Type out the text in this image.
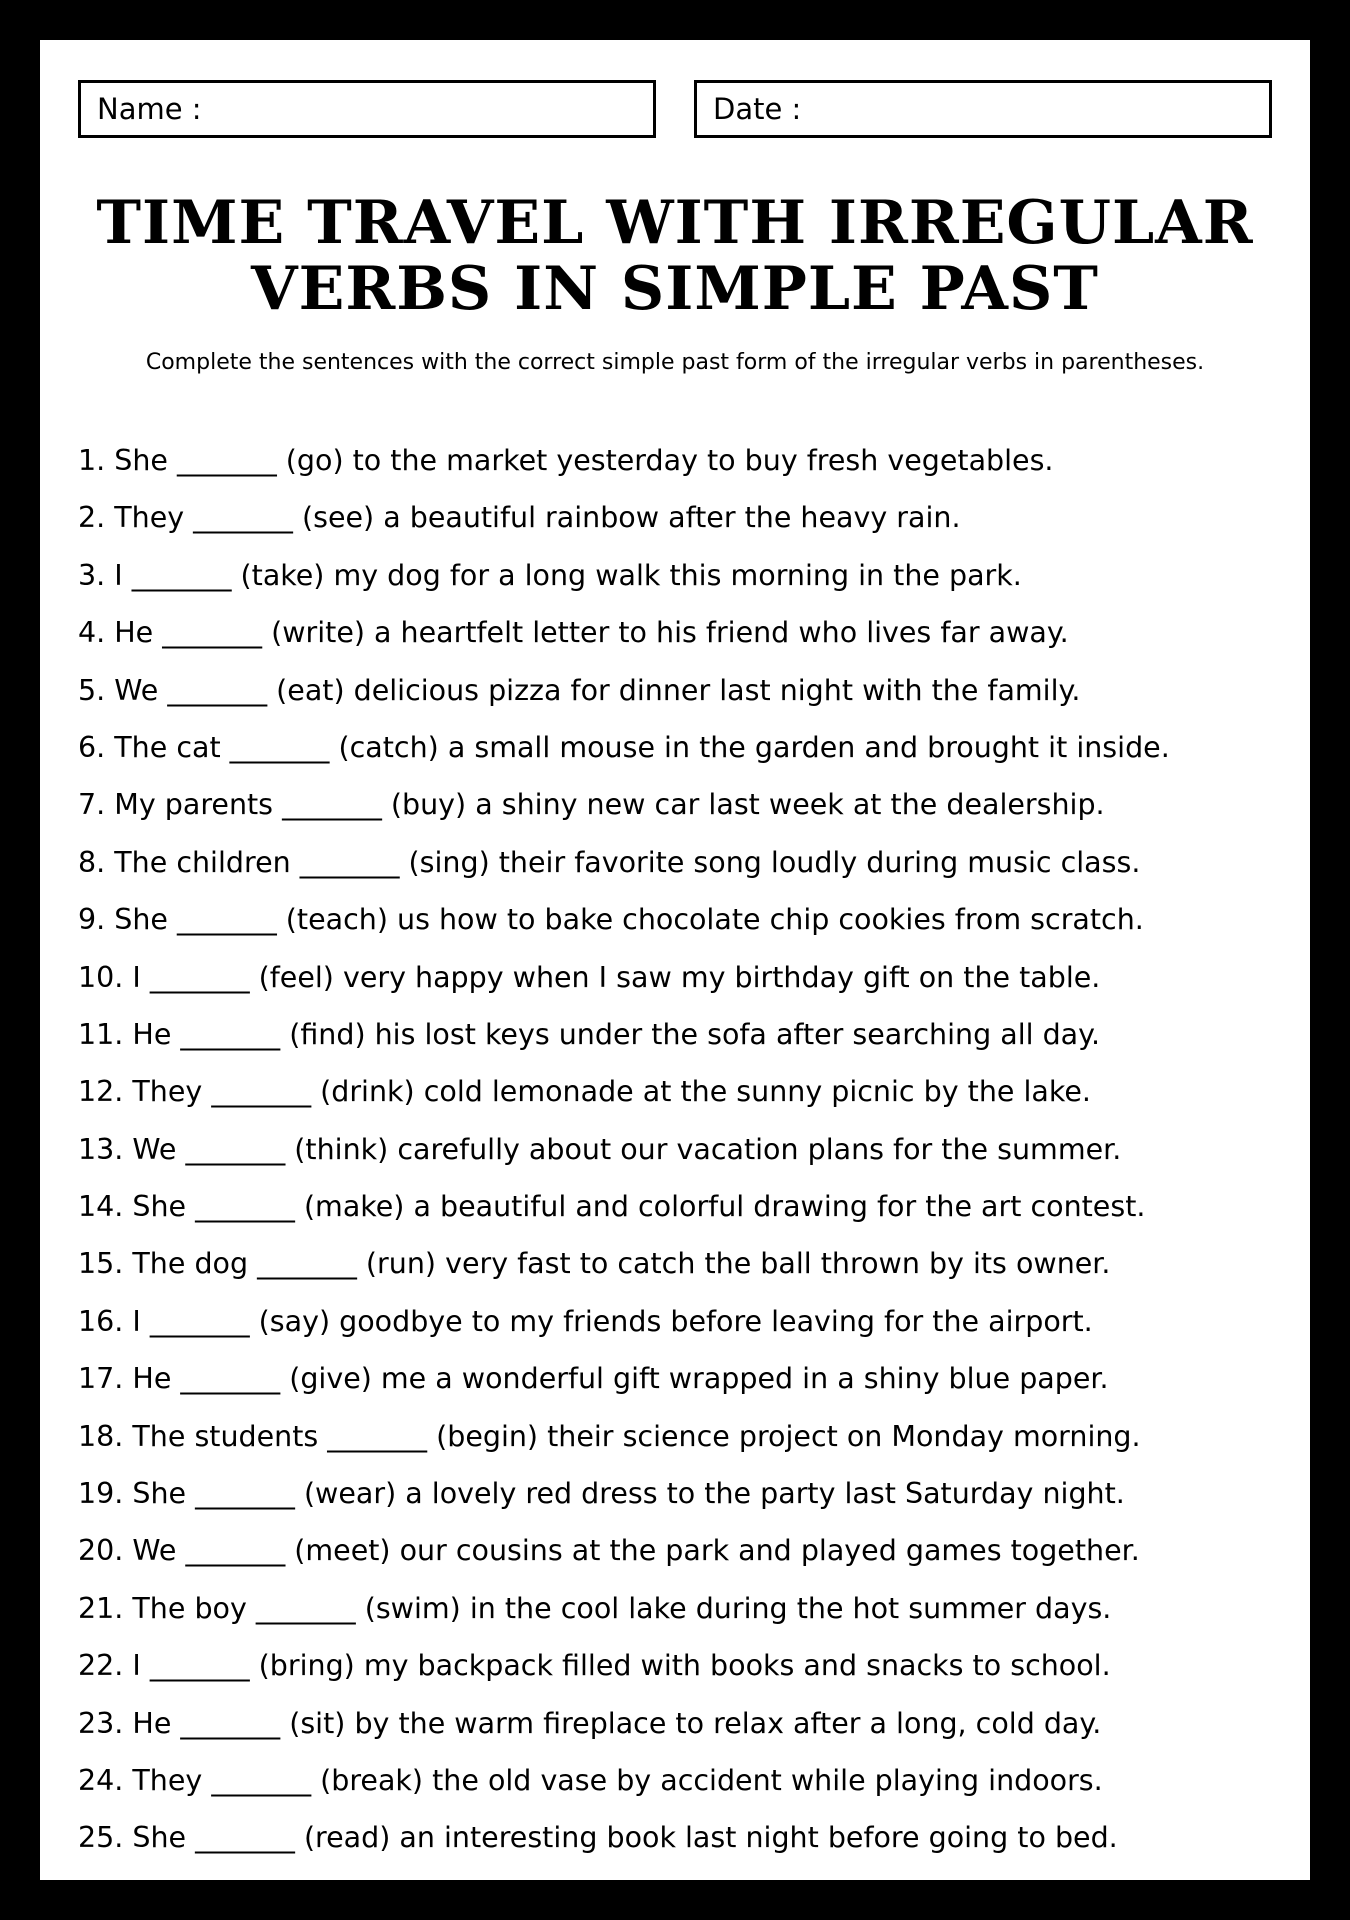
Name :	Date :
TIME TRAVEL WITH IRREGULAR
VERBS IN SIMPLE PAST
Complete the sentences with the correct simple past form of the irregular verbs in parentheses.
1. She _______ (go) to the market yesterday to buy fresh vegetables.
2. They _______ (see) a beautiful rainbow after the heavy rain.
3. I _______ (take) my dog for a long walk this morning in the park.
4. He _______ (write) a heartfelt letter to his friend who lives far away.
5. We _______ (eat) delicious pizza for dinner last night with the family.
6. The cat _______ (catch) a small mouse in the garden and brought it inside.
7. My parents _______ (buy) a shiny new car last week at the dealership.
8. The children _______ (sing) their favorite song loudly during music class.
9. She _______ (teach) us how to bake chocolate chip cookies from scratch.
10. I _______ (feel) very happy when I saw my birthday gift on the table.
11. He _______ (find) his lost keys under the sofa after searching all day.
12. They _______ (drink) cold lemonade at the sunny picnic by the lake.
13. We _______ (think) carefully about our vacation plans for the summer.
14. She _______ (make) a beautiful and colorful drawing for the art contest.
15. The dog _______ (run) very fast to catch the ball thrown by its owner.
16. I _______ (say) goodbye to my friends before leaving for the airport.
17. He _______ (give) me a wonderful gift wrapped in a shiny blue paper.
18. The students _______ (begin) their science project on Monday morning.
19. She _______ (wear) a lovely red dress to the party last Saturday night.
20. We _______ (meet) our cousins at the park and played games together.
21. The boy _______ (swim) in the cool lake during the hot summer days.
22. I _______ (bring) my backpack filled with books and snacks to school.
23. He _______ (sit) by the warm fireplace to relax after a long, cold day.
24. They _______ (break) the old vase by accident while playing indoors.
25. She _______ (read) an interesting book last night before going to bed.
